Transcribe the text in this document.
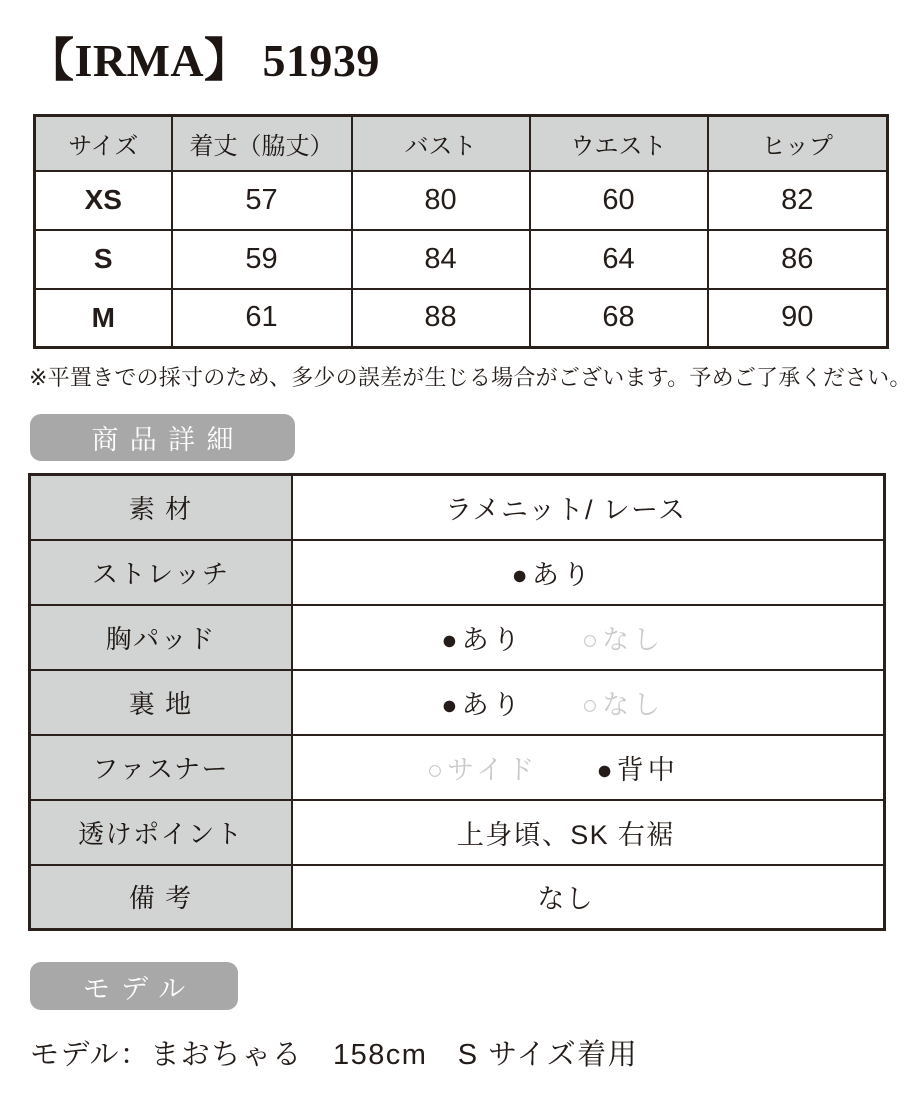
【IRMA】 51939
サイズ	着丈（脇丈）	バスト	ウエスト	ヒップ
XS	57	80	60	82
S	59	84	64	86
M	61	88	68	90
※平置きでの採寸のため、多少の誤差が生じる場合がございます。予めご了承ください。
商品詳細
素 材	ラメニット/ レース
ストレッチ	●あり

胸パッド	●あり ○なし

裏 地	●あり ○なし

ファスナー	○サイド ●背中

透けポイント	上身頃、SK 右裾
備 考	なし
モデル
モデル：まおちゃる　158cm　S サイズ着用
